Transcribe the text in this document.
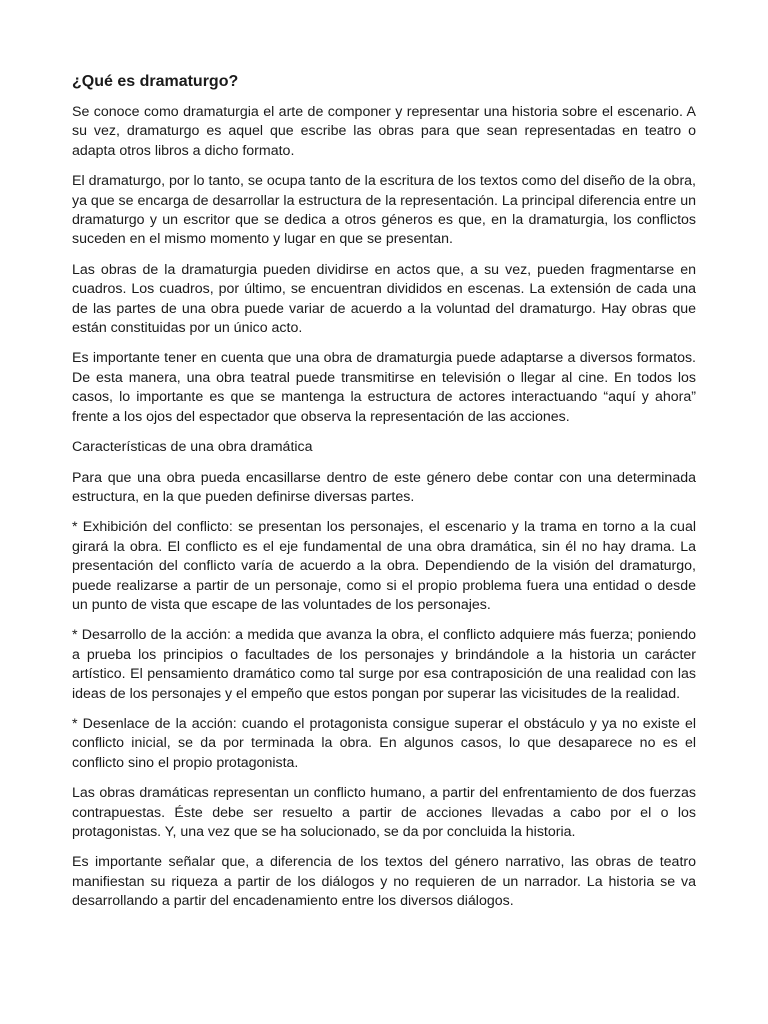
¿Qué es dramaturgo?

Se conoce como dramaturgia el arte de componer y representar una historia sobre el escenario. A su vez, dramaturgo es aquel que escribe las obras para que sean representadas en teatro o adapta otros libros a dicho formato.

El dramaturgo, por lo tanto, se ocupa tanto de la escritura de los textos como del diseño de la obra, ya que se encarga de desarrollar la estructura de la representación. La principal diferencia entre un dramaturgo y un escritor que se dedica a otros géneros es que, en la dramaturgia, los conflictos suceden en el mismo momento y lugar en que se presentan.

Las obras de la dramaturgia pueden dividirse en actos que, a su vez, pueden fragmentarse en cuadros. Los cuadros, por último, se encuentran divididos en escenas. La extensión de cada una de las partes de una obra puede variar de acuerdo a la voluntad del dramaturgo. Hay obras que están constituidas por un único acto.

Es importante tener en cuenta que una obra de dramaturgia puede adaptarse a diversos formatos. De esta manera, una obra teatral puede transmitirse en televisión o llegar al cine. En todos los casos, lo importante es que se mantenga la estructura de actores interactuando “aquí y ahora” frente a los ojos del espectador que observa la representación de las acciones.

Características de una obra dramática

Para que una obra pueda encasillarse dentro de este género debe contar con una determinada estructura, en la que pueden definirse diversas partes.

* Exhibición del conflicto: se presentan los personajes, el escenario y la trama en torno a la cual girará la obra. El conflicto es el eje fundamental de una obra dramática, sin él no hay drama. La presentación del conflicto varía de acuerdo a la obra. Dependiendo de la visión del dramaturgo, puede realizarse a partir de un personaje, como si el propio problema fuera una entidad o desde un punto de vista que escape de las voluntades de los personajes.

* Desarrollo de la acción: a medida que avanza la obra, el conflicto adquiere más fuerza; poniendo a prueba los principios o facultades de los personajes y brindándole a la historia un carácter artístico. El pensamiento dramático como tal surge por esa contraposición de una realidad con las ideas de los personajes y el empeño que estos pongan por superar las vicisitudes de la realidad.

* Desenlace de la acción: cuando el protagonista consigue superar el obstáculo y ya no existe el conflicto inicial, se da por terminada la obra. En algunos casos, lo que desaparece no es el conflicto sino el propio protagonista.

Las obras dramáticas representan un conflicto humano, a partir del enfrentamiento de dos fuerzas contrapuestas. Éste debe ser resuelto a partir de acciones llevadas a cabo por el o los protagonistas. Y, una vez que se ha solucionado, se da por concluida la historia.

Es importante señalar que, a diferencia de los textos del género narrativo, las obras de teatro manifiestan su riqueza a partir de los diálogos y no requieren de un narrador. La historia se va desarrollando a partir del encadenamiento entre los diversos diálogos.
